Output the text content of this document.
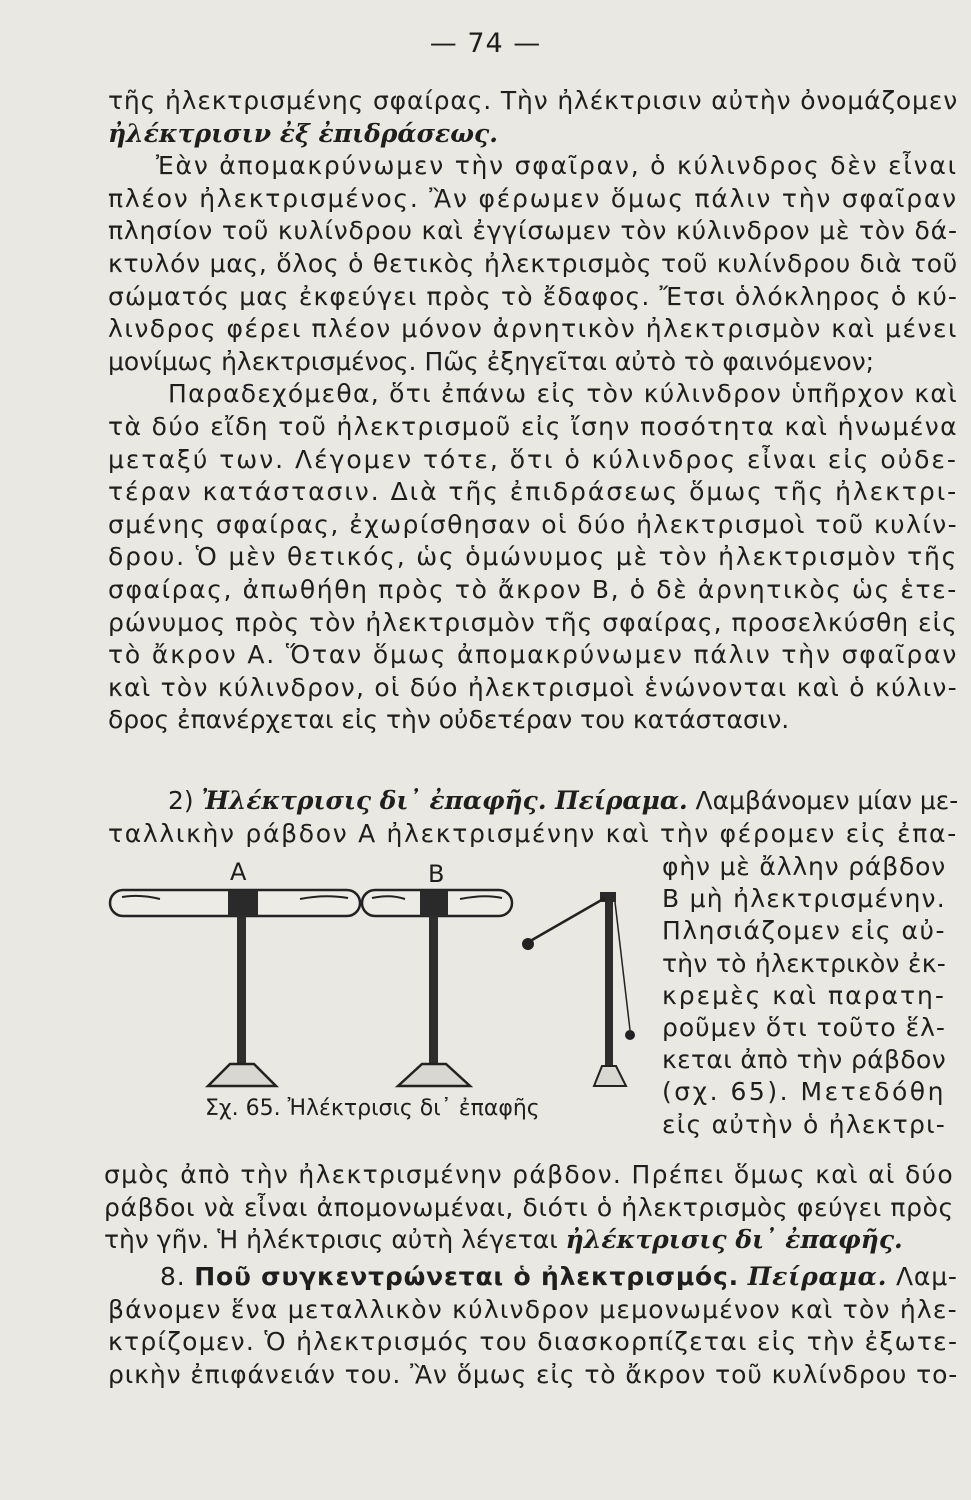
— 74 —
τῆς ἠλεκτρισμένης σφαίρας. Τὴν ἠλέκτρισιν αὐτὴν ὀνομάζομεν
ἠλέκτρισιν ἐξ ἐπιδράσεως.
Ἐὰν ἀπομακρύνωμεν τὴν σφαῖραν, ὁ κύλινδρος δὲν εἶναι
πλέον ἠλεκτρισμένος. Ἂν φέρωμεν ὅμως πάλιν τὴν σφαῖραν
πλησίον τοῦ κυλίνδρου καὶ ἐγγίσωμεν τὸν κύλινδρον μὲ τὸν δά-
κτυλόν μας, ὅλος ὁ θετικὸς ἠλεκτρισμὸς τοῦ κυλίνδρου διὰ τοῦ
σώματός μας ἐκφεύγει πρὸς τὸ ἔδαφος. Ἔτσι ὁλόκληρος ὁ κύ-
λινδρος φέρει πλέον μόνον ἀρνητικὸν ἠλεκτρισμὸν καὶ μένει
μονίμως ἠλεκτρισμένος. Πῶς ἐξηγεῖται αὐτὸ τὸ φαινόμενον;
Παραδεχόμεθα, ὅτι ἐπάνω εἰς τὸν κύλινδρον ὑπῆρχον καὶ
τὰ δύο εἴδη τοῦ ἠλεκτρισμοῦ εἰς ἴσην ποσότητα καὶ ἡνωμένα
μεταξύ των. Λέγομεν τότε, ὅτι ὁ κύλινδρος εἶναι εἰς οὐδε-
τέραν κατάστασιν. Διὰ τῆς ἐπιδράσεως ὅμως τῆς ἠλεκτρι-
σμένης σφαίρας, ἐχωρίσθησαν οἱ δύο ἠλεκτρισμοὶ τοῦ κυλίν-
δρου. Ὁ μὲν θετικός, ὡς ὁμώνυμος μὲ τὸν ἠλεκτρισμὸν τῆς
σφαίρας, ἀπωθήθη πρὸς τὸ ἄκρον Β, ὁ δὲ ἀρνητικὸς ὡς ἑτε-
ρώνυμος πρὸς τὸν ἠλεκτρισμὸν τῆς σφαίρας, προσελκύσθη εἰς
τὸ ἄκρον Α. Ὅταν ὅμως ἀπομακρύνωμεν πάλιν τὴν σφαῖραν
καὶ τὸν κύλινδρον, οἱ δύο ἠλεκτρισμοὶ ἑνώνονται καὶ ὁ κύλιν-
δρος ἐπανέρχεται εἰς τὴν οὐδετέραν του κατάστασιν.
2) Ἠλέκτρισις δι᾽ ἐπαφῆς. Πείραμα. Λαμβάνομεν μίαν με-
ταλλικὴν ράβδον Α ἠλεκτρισμένην καὶ τὴν φέρομεν εἰς ἐπα-
φὴν μὲ ἄλλην ράβδον
Β μὴ ἠλεκτρισμένην.
Πλησιάζομεν εἰς αὐ-
τὴν τὸ ἠλεκτρικὸν ἐκ-
κρεμὲς καὶ παρατη-
ροῦμεν ὅτι τοῦτο ἕλ-
κεται ἀπὸ τὴν ράβδον
(σχ. 65). Μετεδόθη
εἰς αὐτὴν ὁ ἠλεκτρι-
σμὸς ἀπὸ τὴν ἠλεκτρισμένην ράβδον. Πρέπει ὅμως καὶ αἱ δύο
ράβδοι νὰ εἶναι ἀπομονωμέναι, διότι ὁ ἠλεκτρισμὸς φεύγει πρὸς
τὴν γῆν. Ἡ ἠλέκτρισις αὐτὴ λέγεται ἠλέκτρισις δι᾽ ἐπαφῆς.
8. Ποῦ συγκεντρώνεται ὁ ἠλεκτρισμός. Πείραμα. Λαμ-
βάνομεν ἕνα μεταλλικὸν κύλινδρον μεμονωμένον καὶ τὸν ἠλε-
κτρίζομεν. Ὁ ἠλεκτρισμός του διασκορπίζεται εἰς τὴν ἐξωτε-
ρικὴν ἐπιφάνειάν του. Ἂν ὅμως εἰς τὸ ἄκρον τοῦ κυλίνδρου το-
Α	Β
Σχ. 65. Ἠλέκτρισις δι᾽ ἐπαφῆς
